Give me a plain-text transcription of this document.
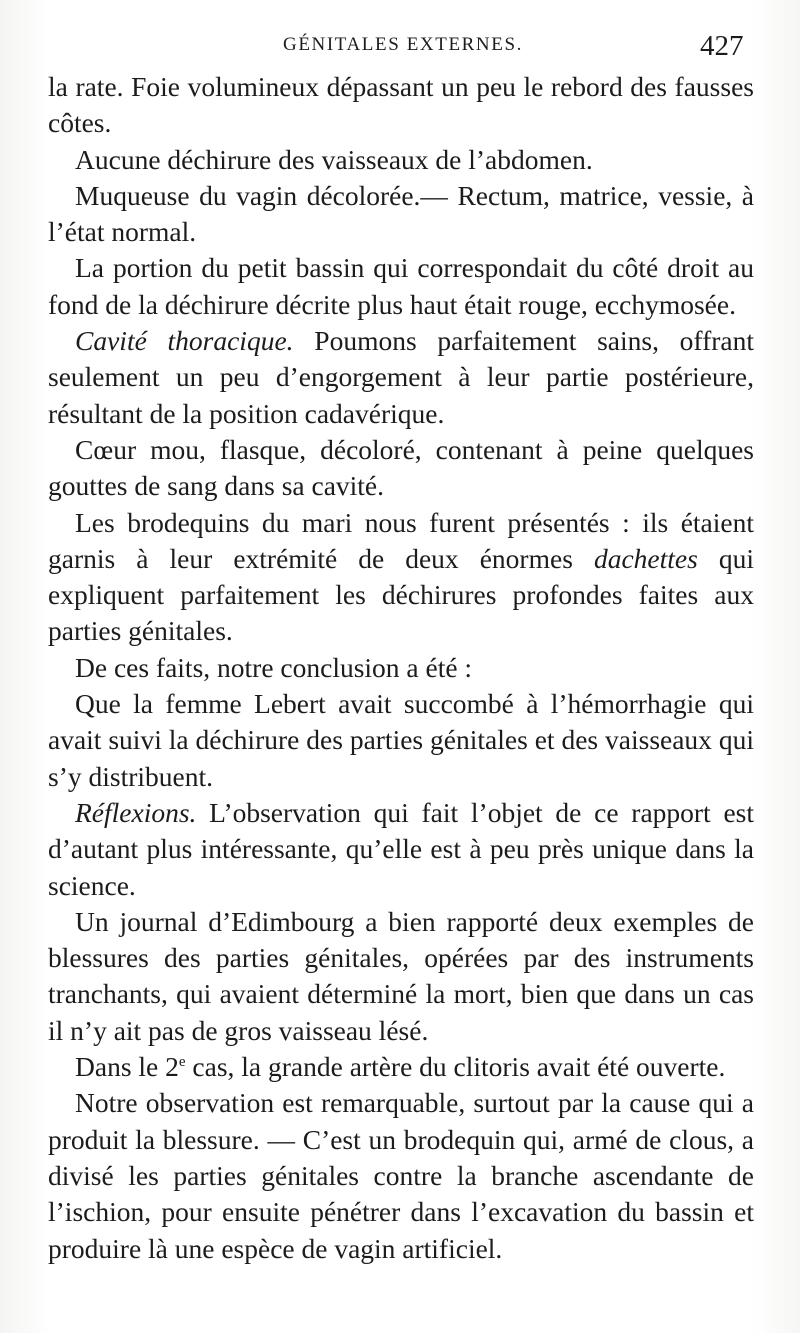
GÉNITALES EXTERNES.	427

la rate. Foie volumineux dépassant un peu le rebord des fausses côtes.

Aucune déchirure des vaisseaux de l’abdomen.

Muqueuse du vagin décolorée.— Rectum, matrice, vessie, à l’état normal.

La portion du petit bassin qui correspondait du côté droit au fond de la déchirure décrite plus haut était rouge, ecchymosée.

Cavité thoracique. Poumons parfaitement sains, offrant seulement un peu d’engorgement à leur partie postérieure, résultant de la position cadavérique.

Cœur mou, flasque, décoloré, contenant à peine quelques gouttes de sang dans sa cavité.

Les brodequins du mari nous furent présentés : ils étaient garnis à leur extrémité de deux énormes dachettes qui expliquent parfaitement les déchirures profondes faites aux parties génitales.

De ces faits, notre conclusion a été :

Que la femme Lebert avait succombé à l’hémorrhagie qui avait suivi la déchirure des parties génitales et des vaisseaux qui s’y distribuent.

Réflexions. L’observation qui fait l’objet de ce rapport est d’autant plus intéressante, qu’elle est à peu près unique dans la science.

Un journal d’Edimbourg a bien rapporté deux exemples de blessures des parties génitales, opérées par des instruments tranchants, qui avaient déterminé la mort, bien que dans un cas il n’y ait pas de gros vaisseau lésé.

Dans le 2e cas, la grande artère du clitoris avait été ouverte.

Notre observation est remarquable, surtout par la cause qui a produit la blessure. — C’est un brodequin qui, armé de clous, a divisé les parties génitales contre la branche ascendante de l’ischion, pour ensuite pénétrer dans l’excavation du bassin et produire là une espèce de vagin artificiel.
